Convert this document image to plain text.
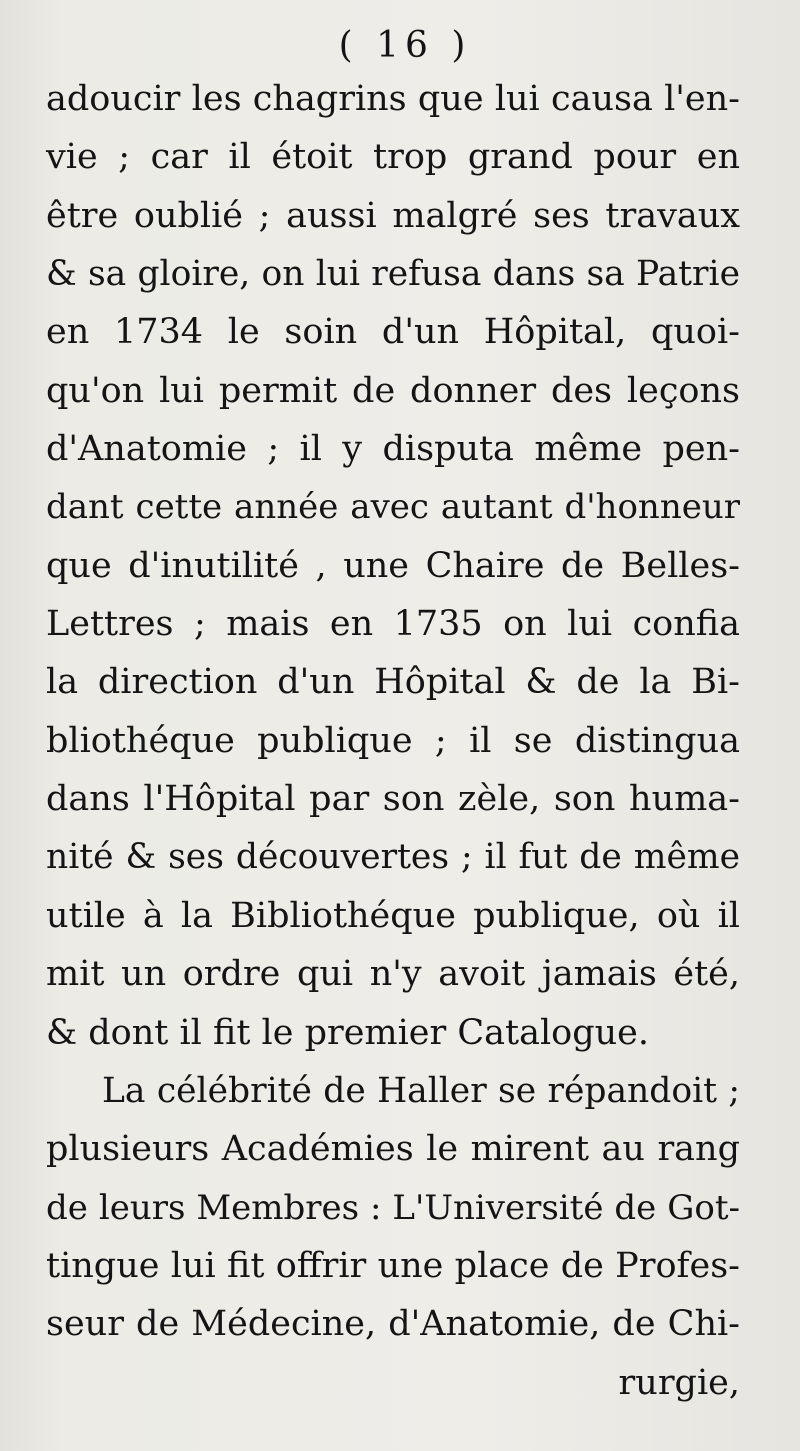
( 16 )
adoucir les chagrins que lui causa l'en-
vie ; car il étoit trop grand pour en
être oublié ; aussi malgré ses travaux
& sa gloire, on lui refusa dans sa Patrie
en 1734 le soin d'un Hôpital, quoi-
qu'on lui permit de donner des leçons
d'Anatomie ; il y disputa même pen-
dant cette année avec autant d'honneur
que d'inutilité , une Chaire de Belles-
Lettres ; mais en 1735 on lui confia
la direction d'un Hôpital & de la Bi-
bliothéque publique ; il se distingua
dans l'Hôpital par son zèle, son huma-
nité & ses découvertes ; il fut de même
utile à la Bibliothéque publique, où il
mit un ordre qui n'y avoit jamais été,
& dont il fit le premier Catalogue.
La célébrité de Haller se répandoit ;
plusieurs Académies le mirent au rang
de leurs Membres : L'Université de Got-
tingue lui fit offrir une place de Profes-
seur de Médecine, d'Anatomie, de Chi-
rurgie,
